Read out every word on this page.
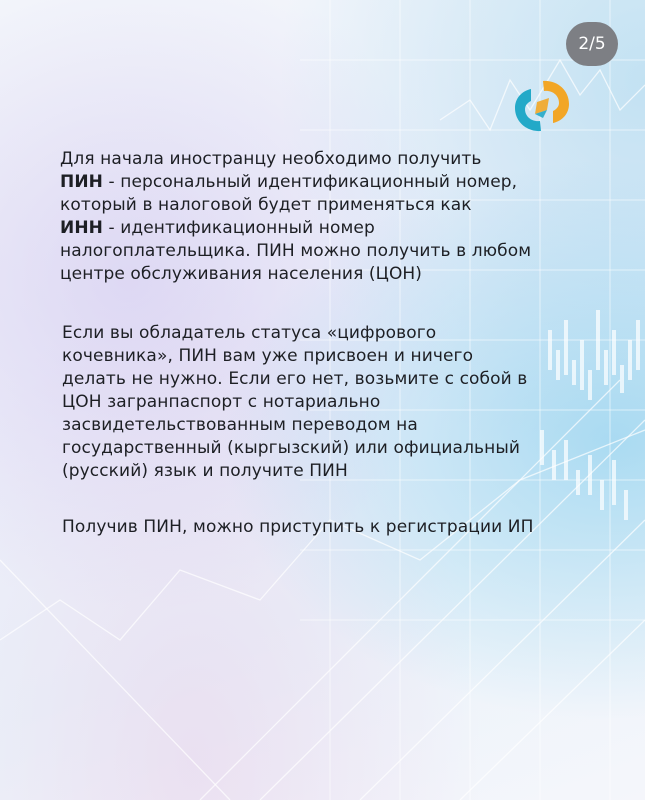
2/5
Для начала иностранцу необходимо получить
ПИН - персональный идентификационный номер,
который в налоговой будет применяться как
ИНН - идентификационный номер
налогоплательщика. ПИН можно получить в любом
центре обслуживания населения (ЦОН)
Если вы обладатель статуса «цифрового
кочевника», ПИН вам уже присвоен и ничего
делать не нужно. Если его нет, возьмите с собой в
ЦОН загранпаспорт с нотариально
засвидетельствованным переводом на
государственный (кыргызский) или официальный
(русский) язык и получите ПИН
Получив ПИН, можно приступить к регистрации ИП
